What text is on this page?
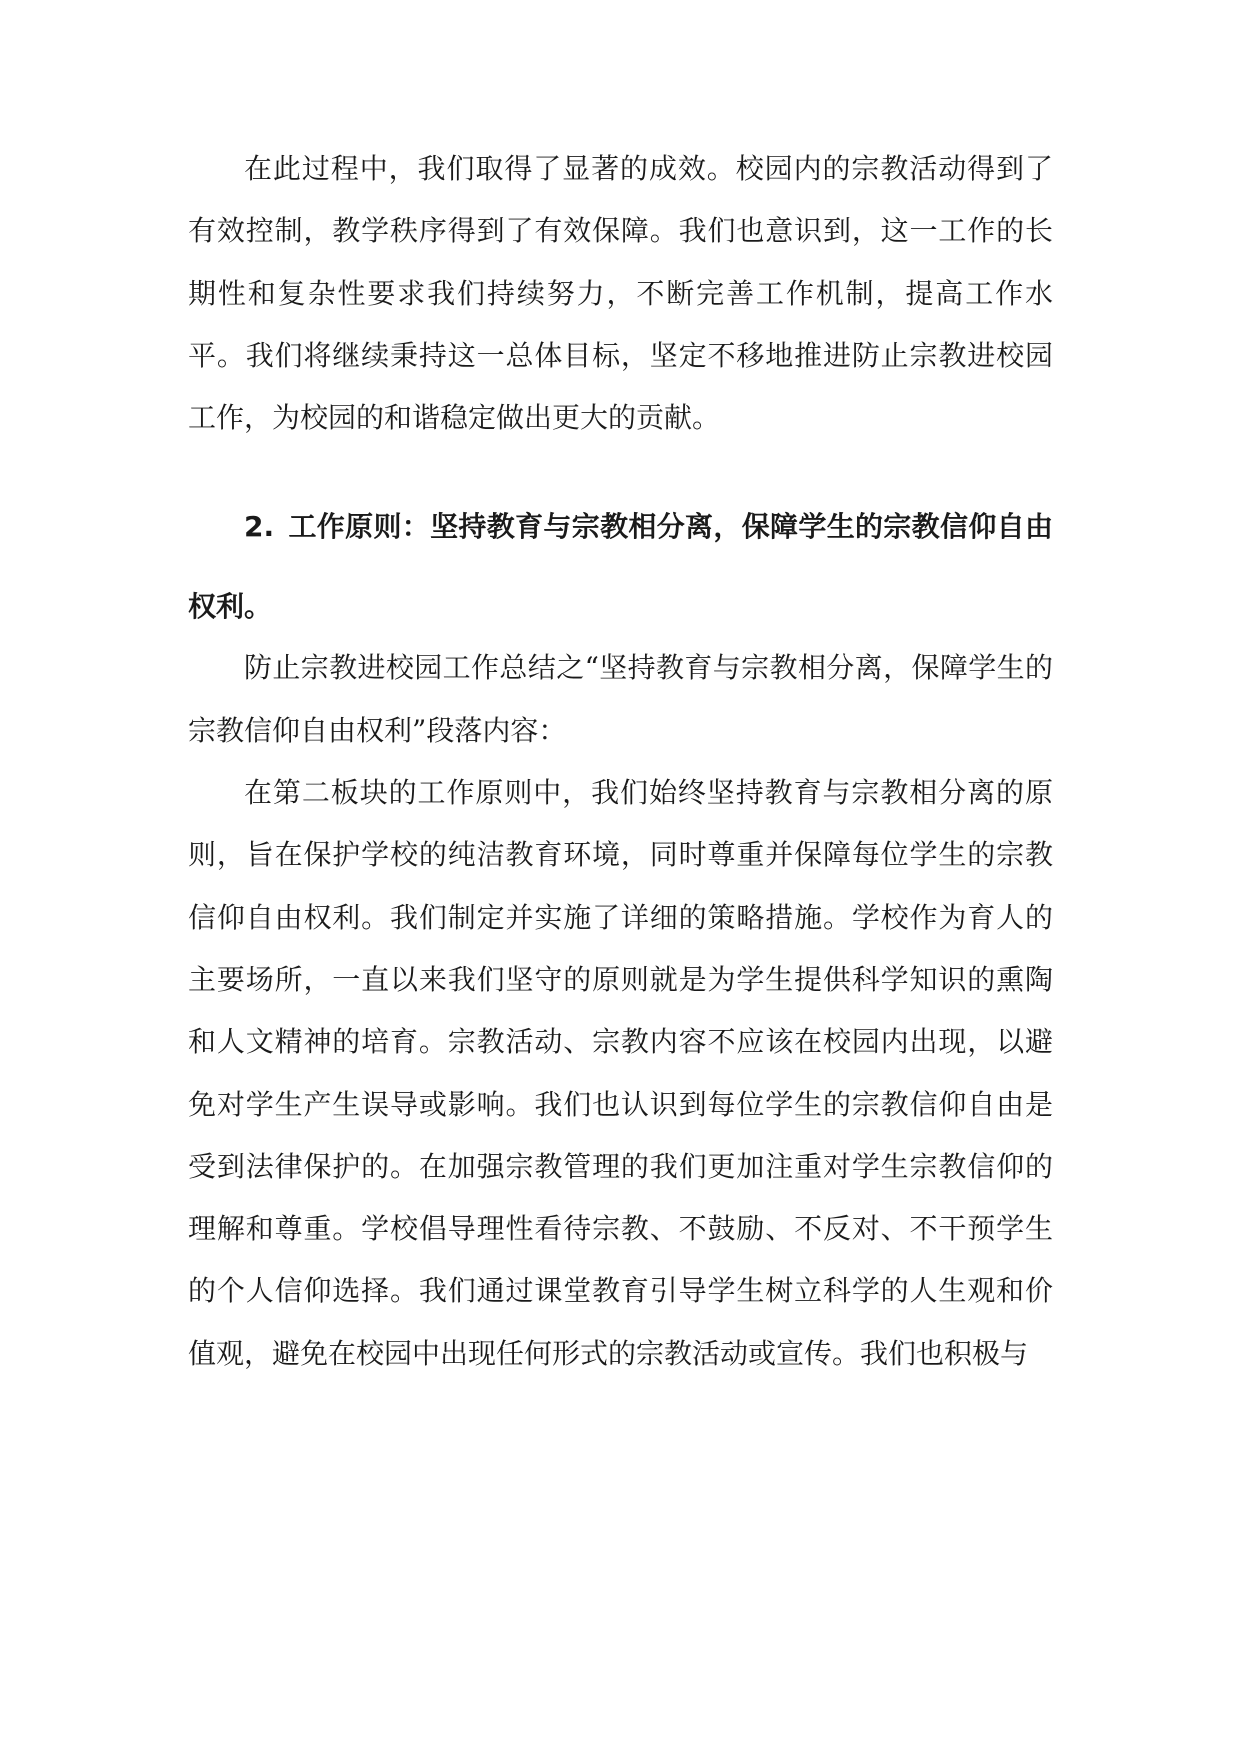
在此过程中，我们取得了显著的成效。校园内的宗教活动得到了有效控制，教学秩序得到了有效保障。我们也意识到，这一工作的长期性和复杂性要求我们持续努力，不断完善工作机制，提高工作水平。我们将继续秉持这一总体目标，坚定不移地推进防止宗教进校园工作，为校园的和谐稳定做出更大的贡献。

2. 工作原则：坚持教育与宗教相分离，保障学生的宗教信仰自由权利。

防止宗教进校园工作总结之“坚持教育与宗教相分离，保障学生的宗教信仰自由权利”段落内容：

在第二板块的工作原则中，我们始终坚持教育与宗教相分离的原则，旨在保护学校的纯洁教育环境，同时尊重并保障每位学生的宗教信仰自由权利。我们制定并实施了详细的策略措施。学校作为育人的主要场所，一直以来我们坚守的原则就是为学生提供科学知识的熏陶和人文精神的培育。宗教活动、宗教内容不应该在校园内出现，以避免对学生产生误导或影响。我们也认识到每位学生的宗教信仰自由是受到法律保护的。在加强宗教管理的我们更加注重对学生宗教信仰的理解和尊重。学校倡导理性看待宗教、不鼓励、不反对、不干预学生的个人信仰选择。我们通过课堂教育引导学生树立科学的人生观和价值观，避免在校园中出现任何形式的宗教活动或宣传。我们也积极与
